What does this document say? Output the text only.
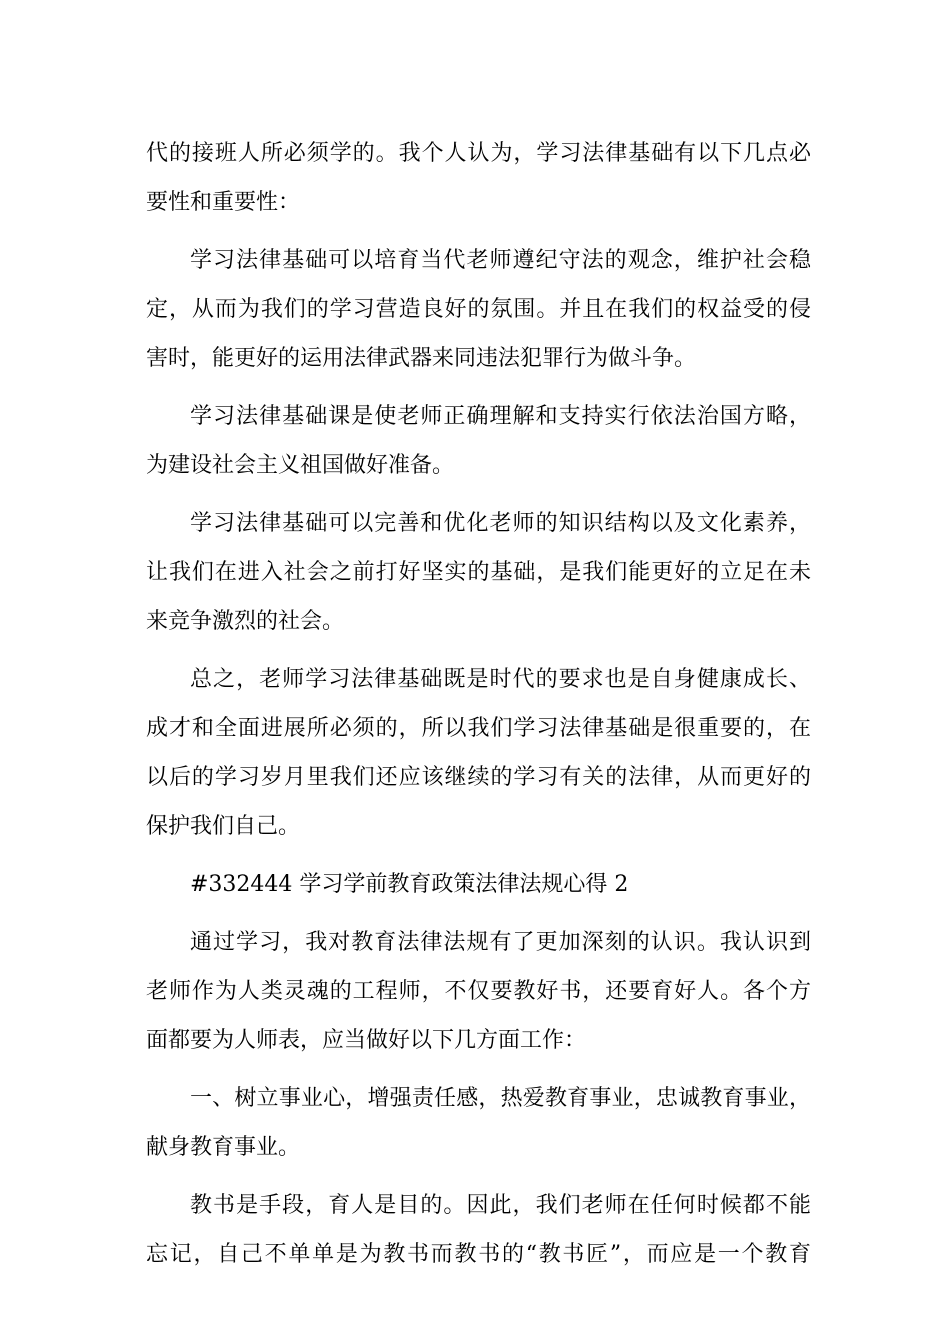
代的接班人所必须学的。我个人认为，学习法律基础有以下几点必
要性和重要性：
学习法律基础可以培育当代老师遵纪守法的观念，维护社会稳
定，从而为我们的学习营造良好的氛围。并且在我们的权益受的侵
害时，能更好的运用法律武器来同违法犯罪行为做斗争。
学习法律基础课是使老师正确理解和支持实行依法治国方略，
为建设社会主义祖国做好准备。
学习法律基础可以完善和优化老师的知识结构以及文化素养，
让我们在进入社会之前打好坚实的基础，是我们能更好的立足在未
来竞争激烈的社会。
总之，老师学习法律基础既是时代的要求也是自身健康成长、
成才和全面进展所必须的，所以我们学习法律基础是很重要的，在
以后的学习岁月里我们还应该继续的学习有关的法律，从而更好的
保护我们自己。
#332444 学习学前教育政策法律法规心得 2
通过学习，我对教育法律法规有了更加深刻的认识。我认识到
老师作为人类灵魂的工程师，不仅要教好书，还要育好人。各个方
面都要为人师表，应当做好以下几方面工作：
一、树立事业心，增强责任感，热爱教育事业，忠诚教育事业，
献身教育事业。
教书是手段，育人是目的。因此，我们老师在任何时候都不能
忘记，自己不单单是为教书而教书的“教书匠”，而应是一个教育
